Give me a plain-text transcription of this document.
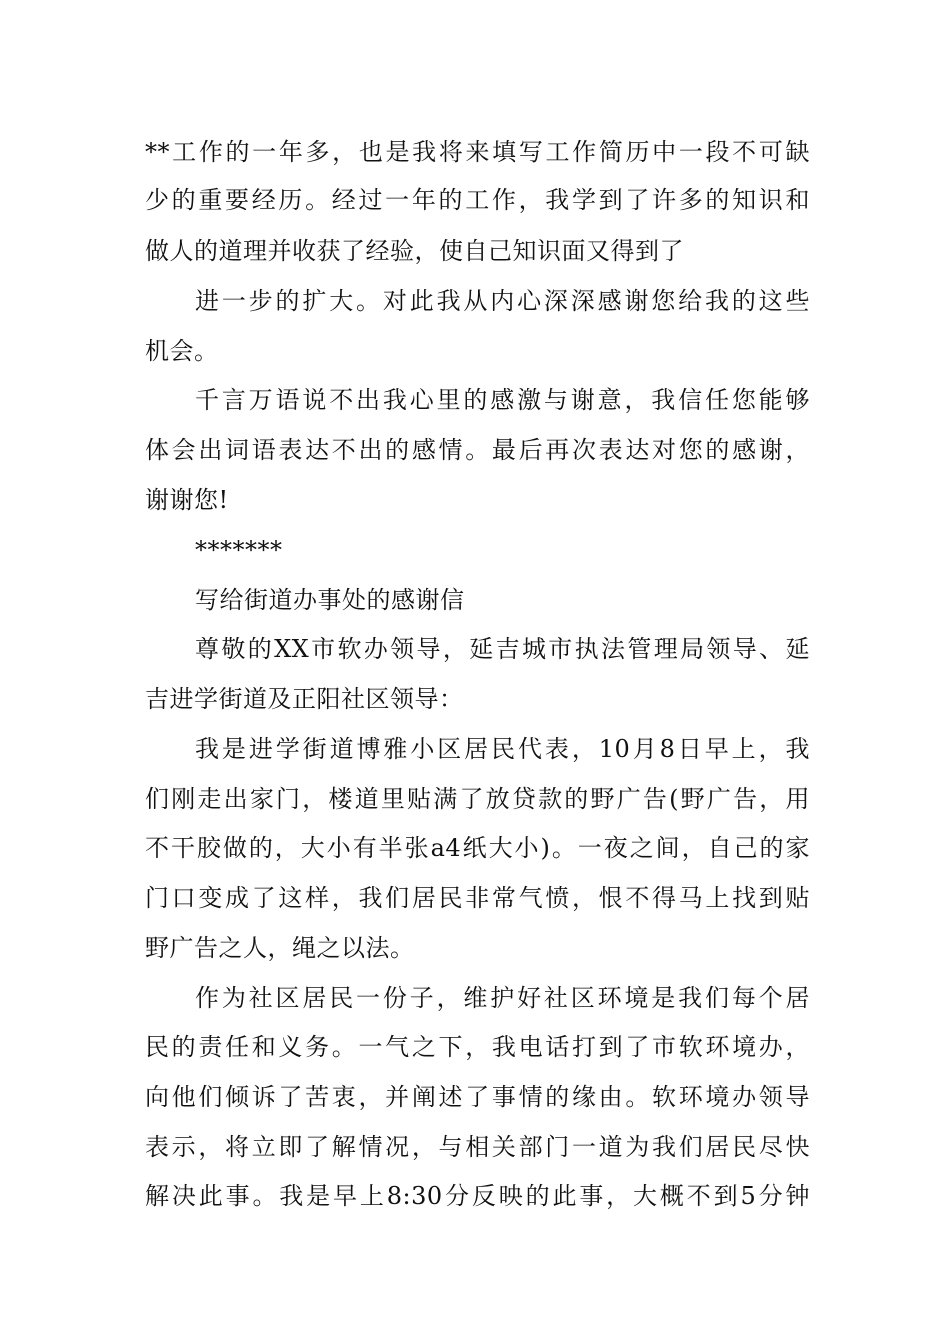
**工作的一年多，也是我将来填写工作简历中一段不可缺
少的重要经历。经过一年的工作，我学到了许多的知识和
做人的道理并收获了经验，使自己知识面又得到了
进一步的扩大。对此我从内心深深感谢您给我的这些
机会。
千言万语说不出我心里的感激与谢意，我信任您能够
体会出词语表达不出的感情。最后再次表达对您的感谢，
谢谢您!
*******
写给街道办事处的感谢信
尊敬的XX市软办领导，延吉城市执法管理局领导、延
吉进学街道及正阳社区领导：
我是进学街道博雅小区居民代表，10月8日早上，我
们刚走出家门，楼道里贴满了放贷款的野广告(野广告，用
不干胶做的，大小有半张a4纸大小)。一夜之间，自己的家
门口变成了这样，我们居民非常气愤，恨不得马上找到贴
野广告之人，绳之以法。
作为社区居民一份子，维护好社区环境是我们每个居
民的责任和义务。一气之下，我电话打到了市软环境办，
向他们倾诉了苦衷，并阐述了事情的缘由。软环境办领导
表示，将立即了解情况，与相关部门一道为我们居民尽快
解决此事。我是早上8:30分反映的此事，大概不到5分钟
